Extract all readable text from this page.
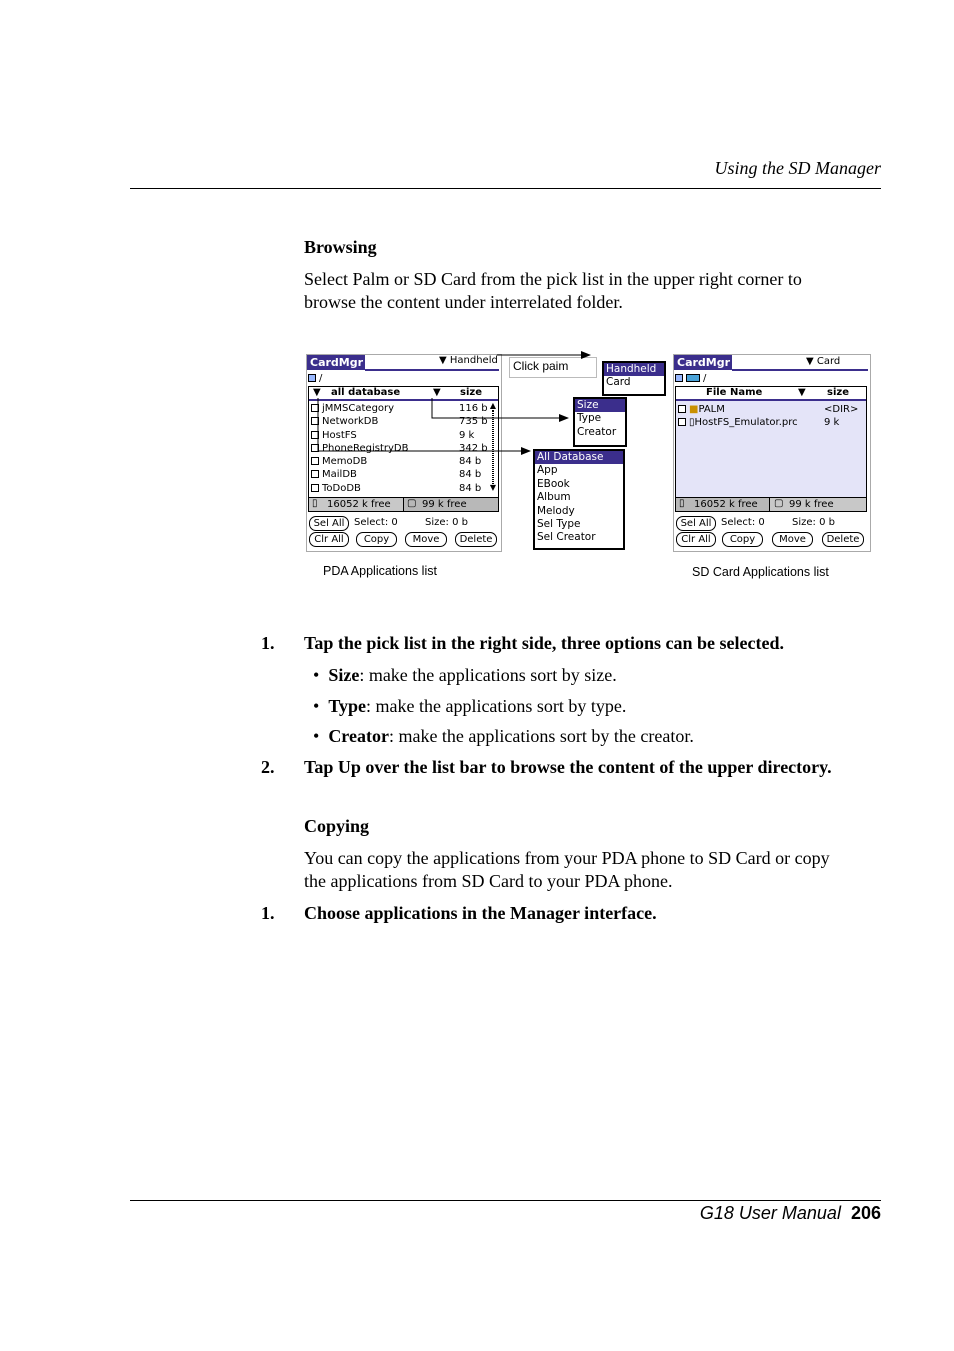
Using the SD Manager
Browsing
Select Palm or SD Card from the pick list in the upper right corner to
browse the content under interrelated folder.
CardMgr	▼ Handheld
/
▼ all database	▼ size
jMMSCategory	116 b
NetworkDB	735 b
HostFS	9 k
PhoneRegistryDB	342 b
MemoDB	84 b
MailDB	84 b
ToDoDB	84 b
▲
▼
▯ 16052 k free ▢ 99 k free
Sel All Select: 0	Size: 0 b
Clr All	Copy	Move	Delete
Click paim	Handheld
Card
Size
Type
Creator
All Database
App
EBook
Album
Melody
Sel Type
Sel Creator
CardMgr	▼ Card
/
File Name	▼ size
■PALM	<DIR>
▯HostFS_Emulator.prc	9 k
▯ 16052 k free ▢ 99 k free
Sel All Select: 0	Size: 0 b
Clr All	Copy	Move	Delete
PDA Applications list	SD Card Applications list
1. Tap the pick list in the right side, three options can be selected.
• Size: make the applications sort by size.
• Type: make the applications sort by type.
• Creator: make the applications sort by the creator.
2. Tap Up over the list bar to browse the content of the upper directory.
Copying
You can copy the applications from your PDA phone to SD Card or copy
the applications from SD Card to your PDA phone.
1. Choose applications in the Manager interface.
G18 User Manual 206
